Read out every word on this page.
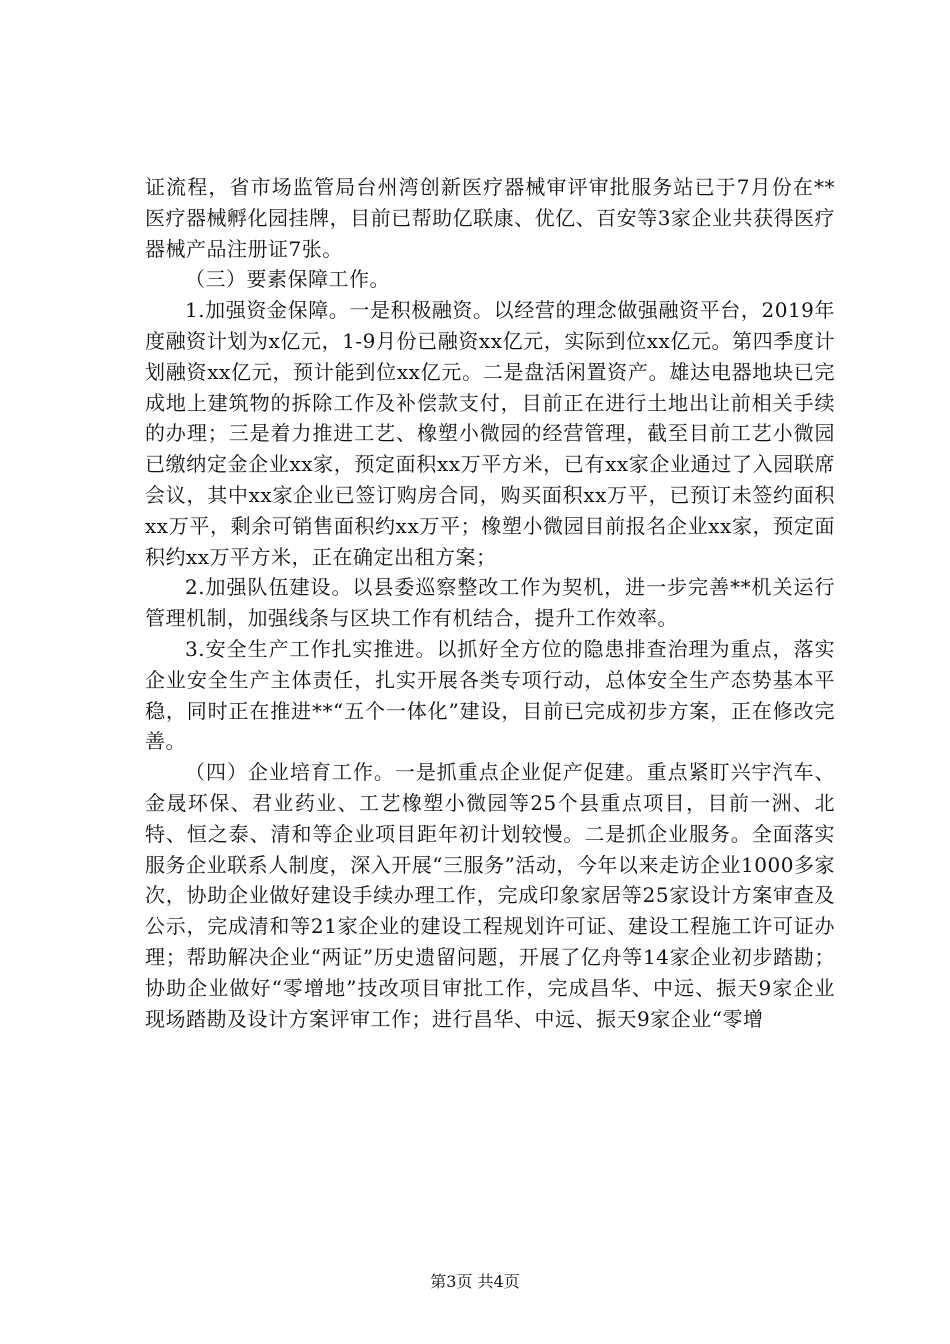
证流程，省市场监管局台州湾创新医疗器械审评审批服务站已于7月份在**医疗器械孵化园挂牌，目前已帮助亿联康、优亿、百安等3家企业共获得医疗器械产品注册证7张。

（三）要素保障工作。

1.加强资金保障。一是积极融资。以经营的理念做强融资平台，2019年度融资计划为x亿元，1-9月份已融资xx亿元，实际到位xx亿元。第四季度计划融资xx亿元，预计能到位xx亿元。二是盘活闲置资产。雄达电器地块已完成地上建筑物的拆除工作及补偿款支付，目前正在进行土地出让前相关手续的办理；三是着力推进工艺、橡塑小微园的经营管理，截至目前工艺小微园已缴纳定金企业xx家，预定面积xx万平方米，已有xx家企业通过了入园联席会议，其中xx家企业已签订购房合同，购买面积xx万平，已预订未签约面积xx万平，剩余可销售面积约xx万平；橡塑小微园目前报名企业xx家，预定面积约xx万平方米，正在确定出租方案；

2.加强队伍建设。以县委巡察整改工作为契机，进一步完善**机关运行管理机制，加强线条与区块工作有机结合，提升工作效率。

3.安全生产工作扎实推进。以抓好全方位的隐患排查治理为重点，落实企业安全生产主体责任，扎实开展各类专项行动，总体安全生产态势基本平稳，同时正在推进**“五个一体化”建设，目前已完成初步方案，正在修改完善。

（四）企业培育工作。一是抓重点企业促产促建。重点紧盯兴宇汽车、金晟环保、君业药业、工艺橡塑小微园等25个县重点项目，目前一洲、北特、恒之泰、清和等企业项目距年初计划较慢。二是抓企业服务。全面落实服务企业联系人制度，深入开展“三服务”活动，今年以来走访企业1000多家次，协助企业做好建设手续办理工作，完成印象家居等25家设计方案审查及公示，完成清和等21家企业的建设工程规划许可证、建设工程施工许可证办理；帮助解决企业“两证”历史遗留问题，开展了亿舟等14家企业初步踏勘；协助企业做好“零增地”技改项目审批工作，完成昌华、中远、振天9家企业现场踏勘及设计方案评审工作；进行昌华、中远、振天9家企业“零增

第3页 共4页
